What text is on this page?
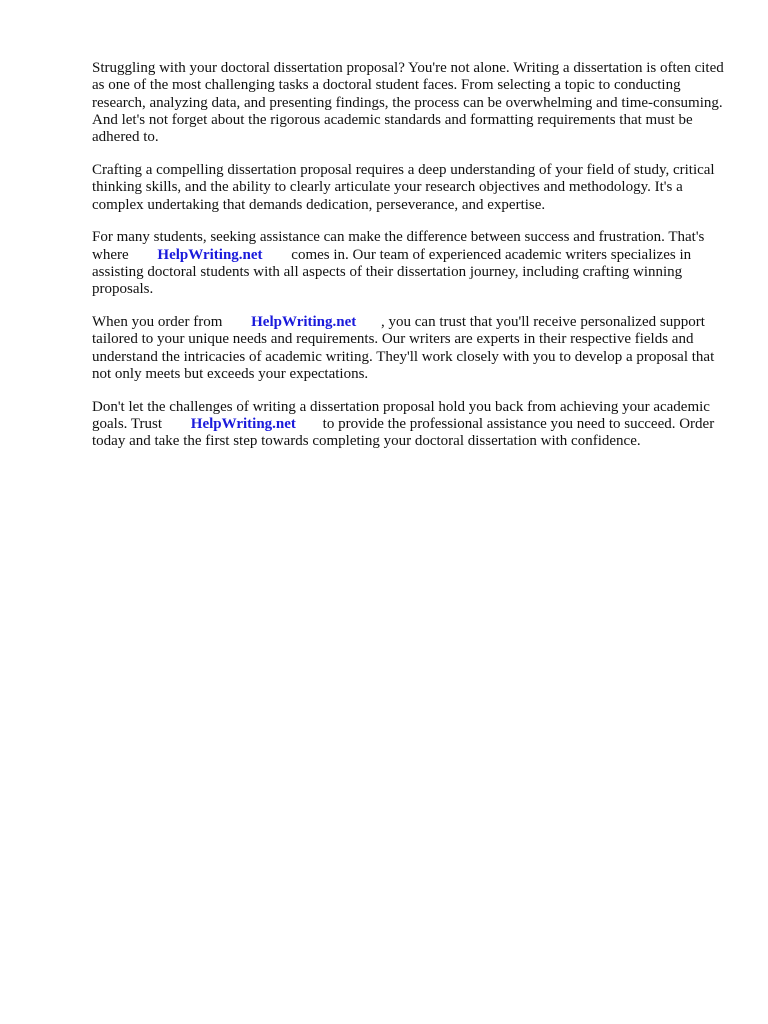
Struggling with your doctoral dissertation proposal? You're not alone. Writing a dissertation is often cited as one of the most challenging tasks a doctoral student faces. From selecting a topic to conducting research, analyzing data, and presenting findings, the process can be overwhelming and time-consuming. And let's not forget about the rigorous academic standards and formatting requirements that must be adhered to.

Crafting a compelling dissertation proposal requires a deep understanding of your field of study, critical thinking skills, and the ability to clearly articulate your research objectives and methodology. It's a complex undertaking that demands dedication, perseverance, and expertise.

For many students, seeking assistance can make the difference between success and frustration. That's where HelpWriting.net comes in. Our team of experienced academic writers specializes in assisting doctoral students with all aspects of their dissertation journey, including crafting winning proposals.

When you order from HelpWriting.net , you can trust that you'll receive personalized support tailored to your unique needs and requirements. Our writers are experts in their respective fields and understand the intricacies of academic writing. They'll work closely with you to develop a proposal that not only meets but exceeds your expectations.

Don't let the challenges of writing a dissertation proposal hold you back from achieving your academic goals. Trust HelpWriting.net to provide the professional assistance you need to succeed. Order today and take the first step towards completing your doctoral dissertation with confidence.
